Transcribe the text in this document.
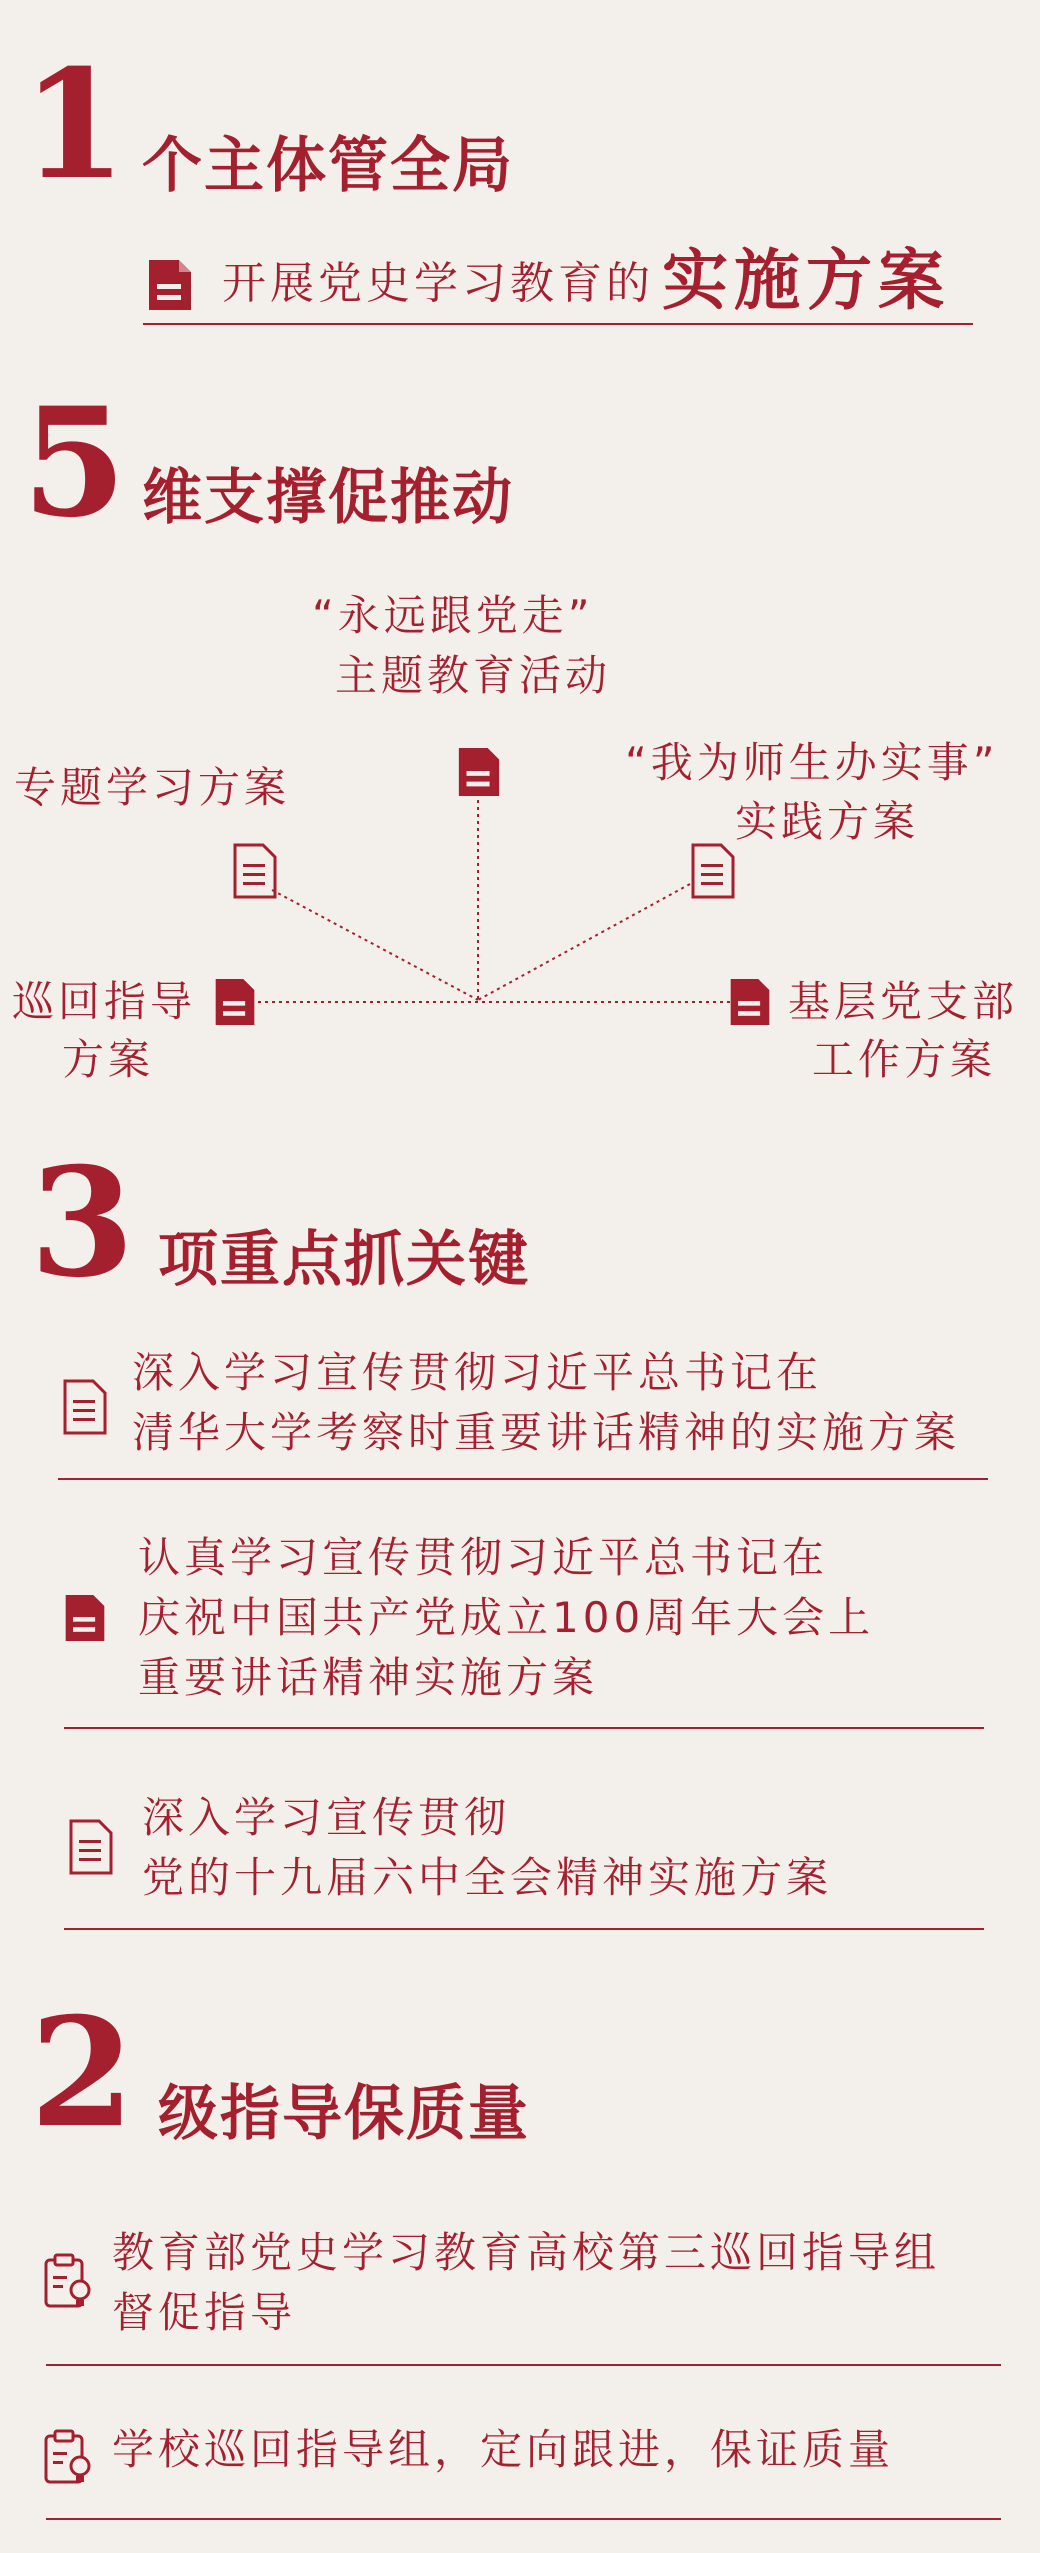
1 个主体管全局
开展党史学习教育的 实施方案
5 维支撑促推动
“永远跟党走”
主题教育活动
专题学习方案
“我为师生办实事”
实践方案
巡回指导
方案
基层党支部
工作方案
3 项重点抓关键
深入学习宣传贯彻习近平总书记在
清华大学考察时重要讲话精神的实施方案
认真学习宣传贯彻习近平总书记在
庆祝中国共产党成立100周年大会上
重要讲话精神实施方案
深入学习宣传贯彻
党的十九届六中全会精神实施方案
2 级指导保质量
教育部党史学习教育高校第三巡回指导组
督促指导
学校巡回指导组，定向跟进，保证质量
